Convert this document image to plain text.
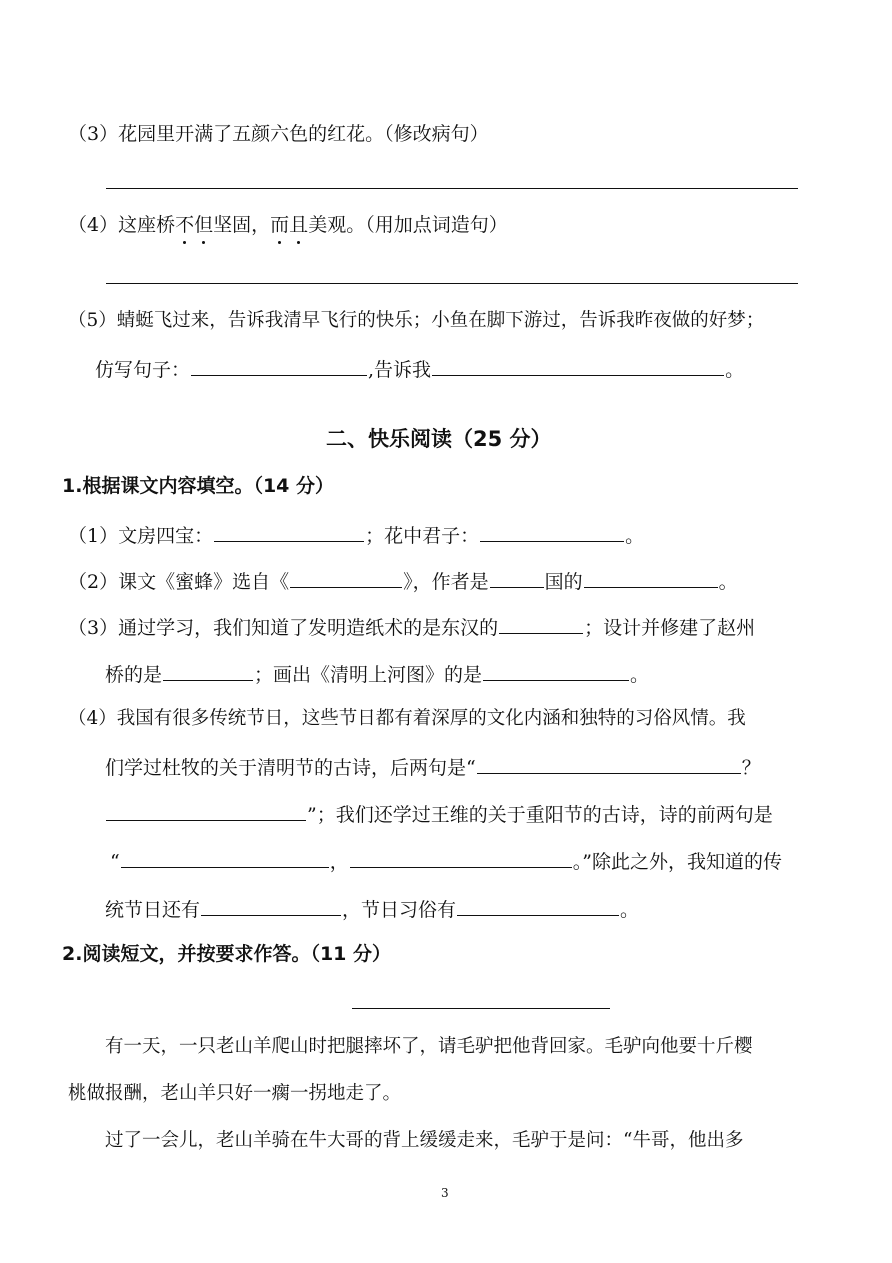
（3）花园里开满了五颜六色的红花。（修改病句）
（4）这座桥不但坚固，而且美观。（用加点词造句）
（5）蜻蜓飞过来，告诉我清早飞行的快乐；小鱼在脚下游过，告诉我昨夜做的好梦；
仿写句子：	,告诉我	。
二、快乐阅读（25 分）
1.根据课文内容填空。（14 分）
（1）文房四宝：	；花中君子：	。
（2）课文《蜜蜂》选自《	》，作者是	国的	。
（3）通过学习，我们知道了发明造纸术的是东汉的	；设计并修建了赵州
桥的是	；画出《清明上河图》的是	。
（4）我国有很多传统节日，这些节日都有着深厚的文化内涵和独特的习俗风情。我
们学过杜牧的关于清明节的古诗，后两句是“	？
”；我们还学过王维的关于重阳节的古诗，诗的前两句是
“	，	。”除此之外，我知道的传
统节日还有	，节日习俗有	。
2.阅读短文，并按要求作答。（11 分）
有一天，一只老山羊爬山时把腿摔坏了，请毛驴把他背回家。毛驴向他要十斤樱
桃做报酬，老山羊只好一瘸一拐地走了。
过了一会儿，老山羊骑在牛大哥的背上缓缓走来，毛驴于是问：“牛哥，他出多
3
